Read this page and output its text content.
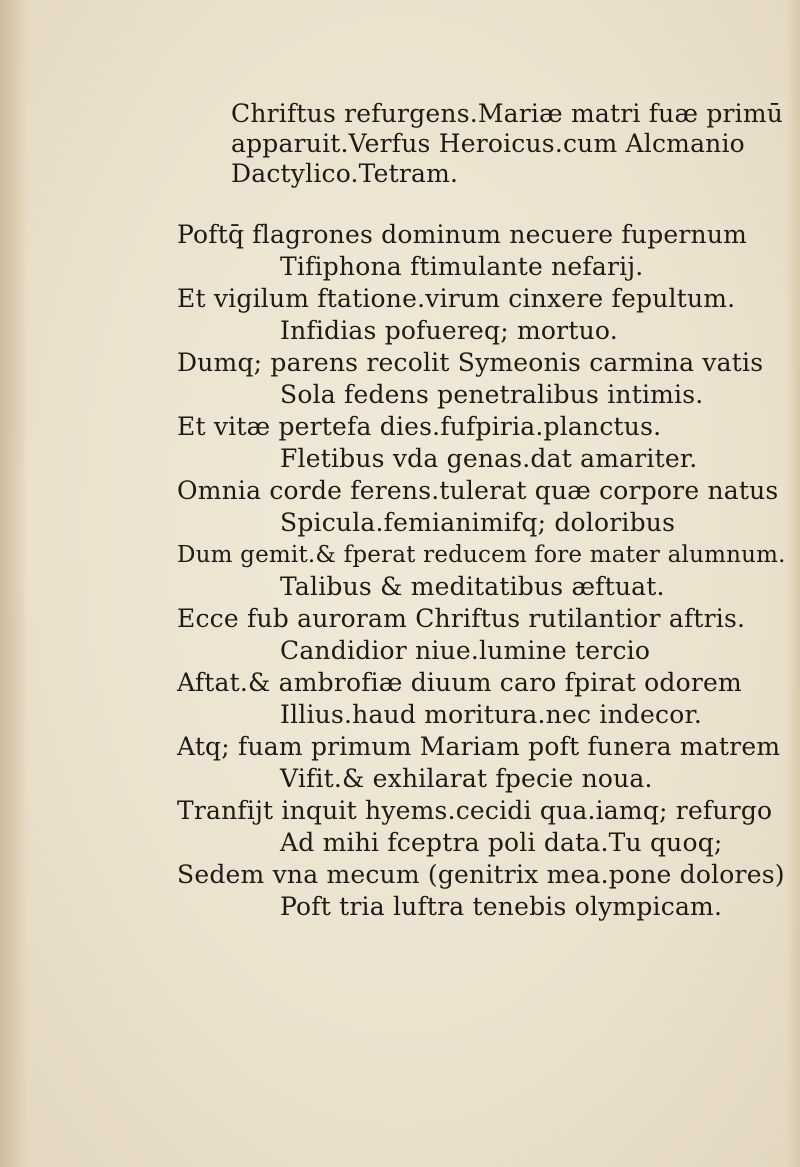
Chriftus refurgens.Mariæ matri fuæ primū

apparuit.Verfus Heroicus.cum Alcmanio

Dactylico.Tetram.

Poftq̄ flagrones dominum necuere fupernum

Tifiphona ftimulante nefarij.

Et vigilum ftatione.virum cinxere fepultum.

Infidias pofuereq; mortuo.

Dumq; parens recolit Symeonis carmina vatis

Sola fedens penetralibus intimis.

Et vitæ pertefa dies.fufpiria.planctus.

Fletibus vda genas.dat amariter.

Omnia corde ferens.tulerat quæ corpore natus

Spicula.femianimifq; doloribus

Dum gemit.& fperat reducem fore mater alumnum.

Talibus & meditatibus æftuat.

Ecce fub auroram Chriftus rutilantior aftris.

Candidior niue.lumine tercio

Aftat.& ambrofiæ diuum caro fpirat odorem

Illius.haud moritura.nec indecor.

Atq; fuam primum Mariam poft funera matrem

Vifit.& exhilarat fpecie noua.

Tranfijt inquit hyems.cecidi qua.iamq; refurgo

Ad mihi fceptra poli data.Tu quoq;

Sedem vna mecum (genitrix mea.pone dolores)

Poft tria luftra tenebis olympicam.
